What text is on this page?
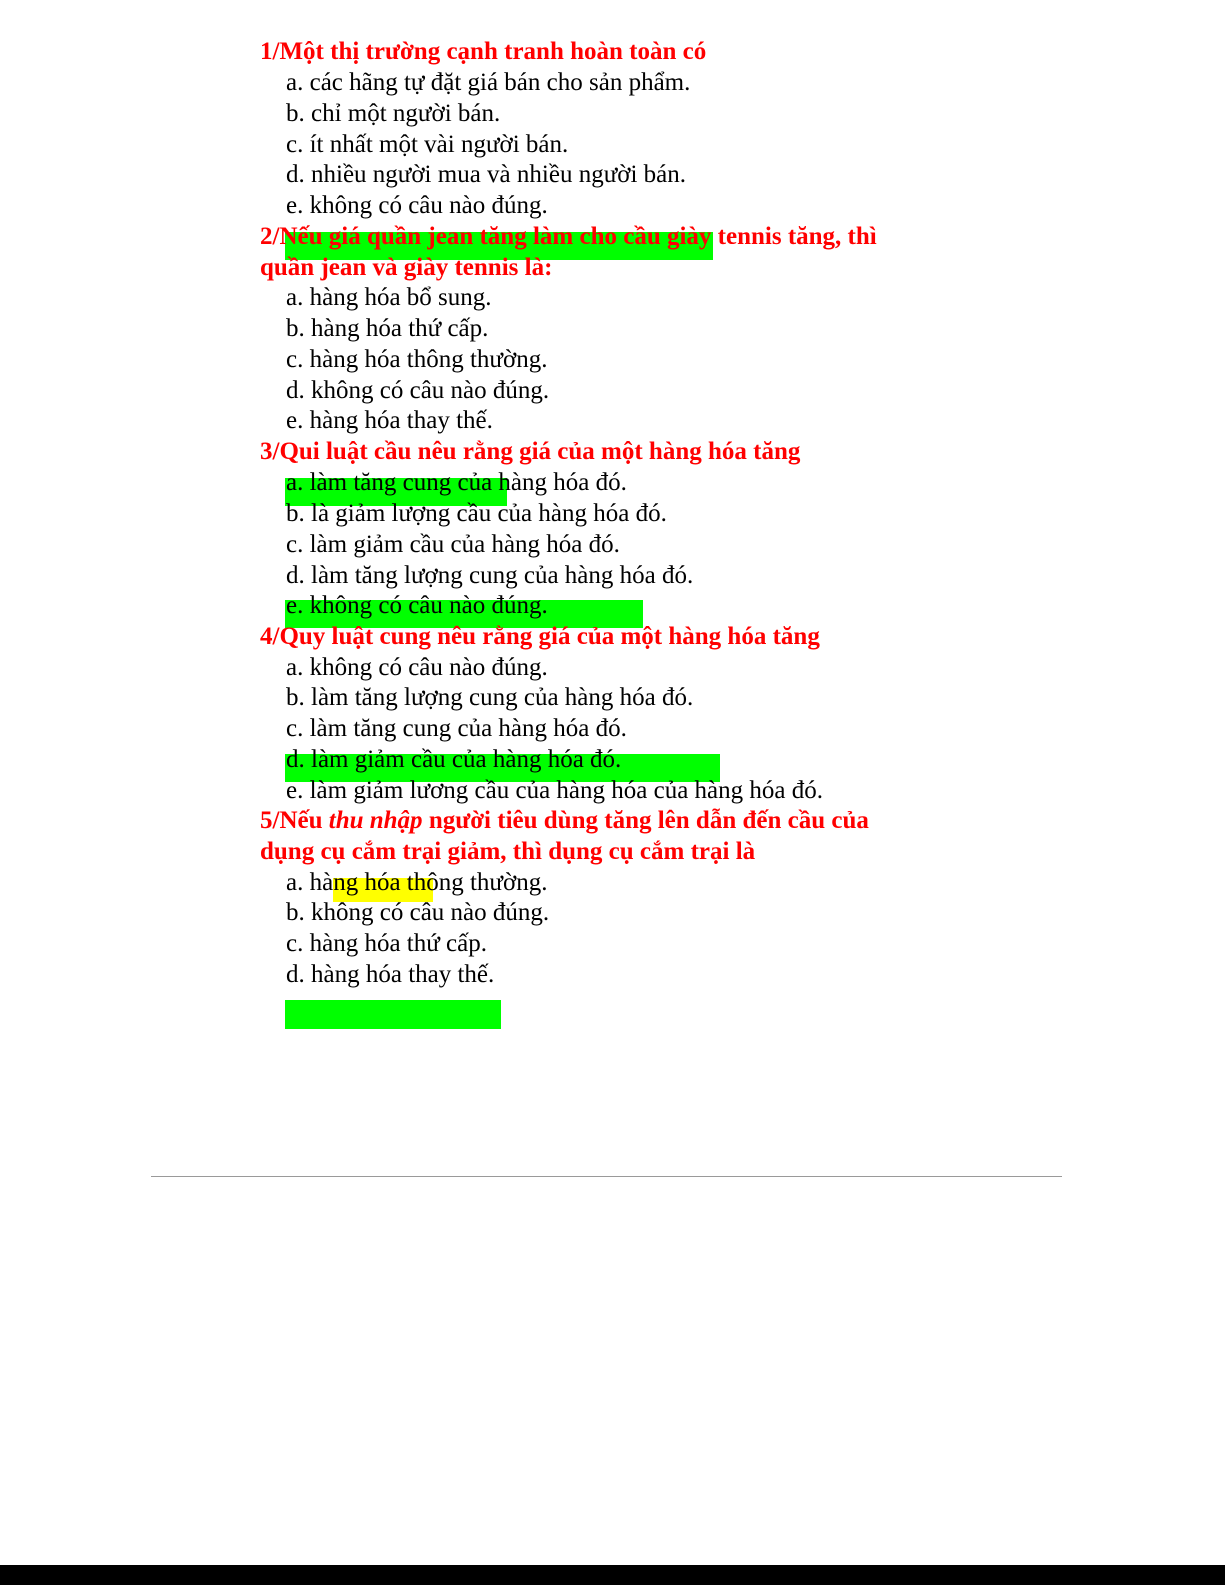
1/Một thị trường cạnh tranh hoàn toàn có
a. các hãng tự đặt giá bán cho sản phẩm.
b. chỉ một người bán.
c. ít nhất một vài người bán.
d. nhiều người mua và nhiều người bán.
e. không có câu nào đúng.
2/Nếu giá quần jean tăng làm cho cầu giày tennis tăng, thì
quần jean và giày tennis là:
a. hàng hóa bổ sung.
b. hàng hóa thứ cấp.
c. hàng hóa thông thường.
d. không có câu nào đúng.
e. hàng hóa thay thế.
3/Qui luật cầu nêu rằng giá của một hàng hóa tăng
a. làm tăng cung của hàng hóa đó.
b. là giảm lượng cầu của hàng hóa đó.
c. làm giảm cầu của hàng hóa đó.
d. làm tăng lượng cung của hàng hóa đó.
e. không có câu nào đúng.
4/Quy luật cung nêu rằng giá của một hàng hóa tăng
a. không có câu nào đúng.
b. làm tăng lượng cung của hàng hóa đó.
c. làm tăng cung của hàng hóa đó.
d. làm giảm cầu của hàng hóa đó.
e. làm giảm lương cầu của hàng hóa của hàng hóa đó.
5/Nếu thu nhập người tiêu dùng tăng lên dẫn đến cầu của
dụng cụ cắm trại giảm, thì dụng cụ cắm trại là
a. hàng hóa thông thường.
b. không có câu nào đúng.
c. hàng hóa thứ cấp.
d. hàng hóa thay thế.
